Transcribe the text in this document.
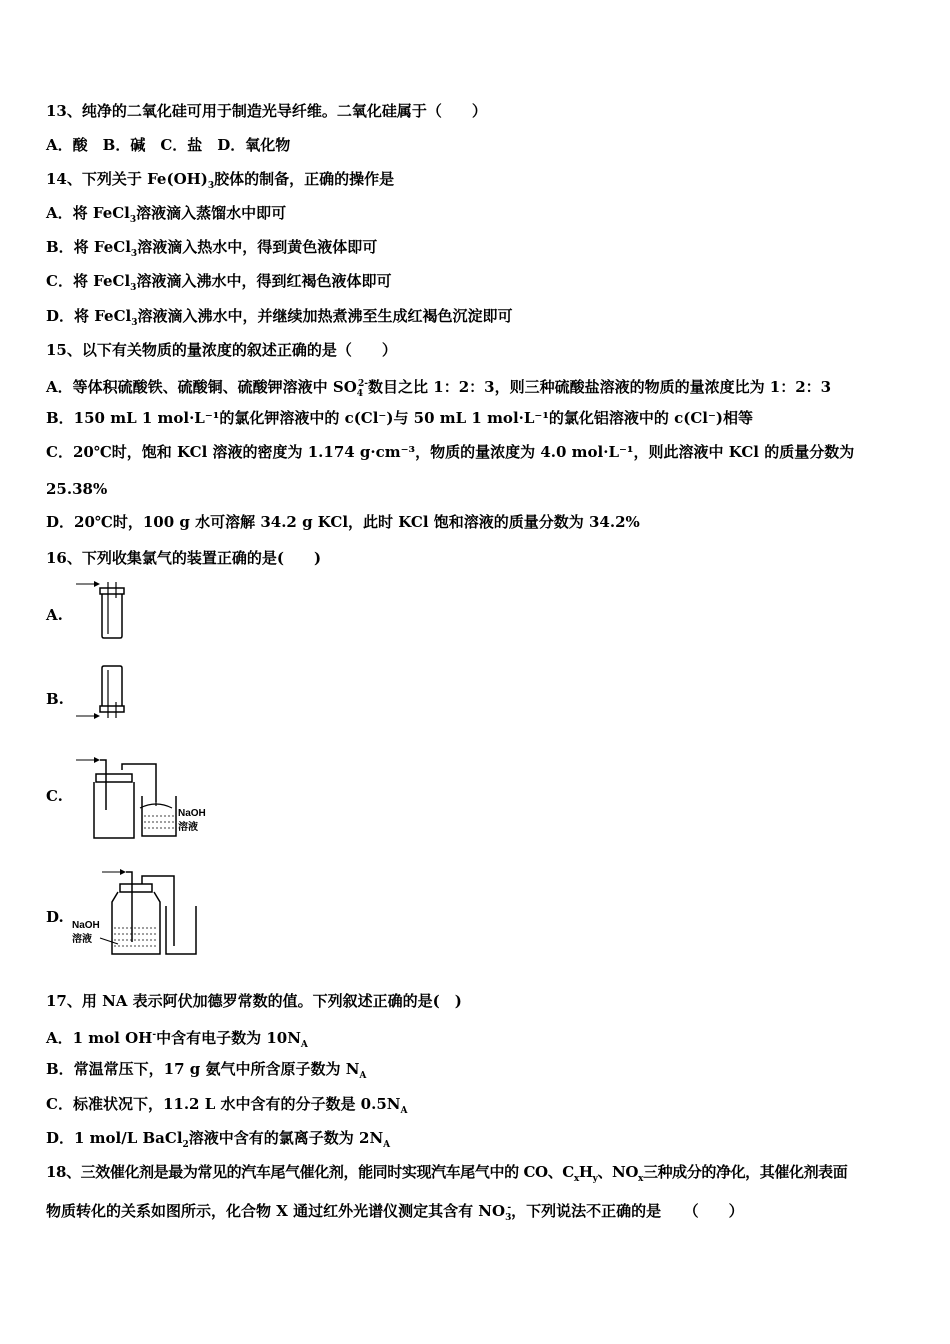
13、纯净的二氧化硅可用于制造光导纤维。二氧化硅属于（　　）
A．酸　B．碱　C．盐　D．氧化物
14、下列关于 $Fe(OH)_3$胶体的制备，正确的操作是
A．将 FeCl$_3$溶液滴入蒸馏水中即可
B．将 FeCl$_3$溶液滴入热水中，得到黄色液体即可
C．将 FeCl$_3$溶液滴入沸水中，得到红褐色液体即可
D．将 FeCl$_3$溶液滴入沸水中，并继续加热煮沸至生成红褐色沉淀即可
15、以下有关物质的量浓度的叙述正确的是（　　）
A．等体积硫酸铁、硫酸铜、硫酸钾溶液中 $SO_4^{2-}$数目之比 1：2：3，则三种硫酸盐溶液的物质的量浓度比为 1：2：3
B．150 mL 1 mol·L⁻¹的氯化钾溶液中的 c(Cl⁻)与 50 mL 1 mol·L⁻¹的氯化铝溶液中的 c(Cl⁻)相等
C．20℃时，饱和 KCl 溶液的密度为 1.174 g·cm⁻³，物质的量浓度为 4.0 mol·L⁻¹，则此溶液中 KCl 的质量分数为
25.38%
D．20℃时，100 g 水可溶解 34.2 g KCl，此时 KCl 饱和溶液的质量分数为 34.2%
16、下列收集氯气的装置正确的是(　　)
A.
B.
C.
NaOH
溶液
D. NaOH
溶液
17、用 NA 表示阿伏加德罗常数的值。下列叙述正确的是(　)
A．1 mol OH-中含有电子数为 $10N_A$
B．常温常压下，17 g 氨气中所含原子数为 $N_A$
C．标准状况下，11.2 L 水中含有的分子数是 $0.5N_A$
D．1 mol/L BaCl$_2$溶液中含有的氯离子数为 $2N_A$
18、三效催化剂是最为常见的汽车尾气催化剂，能同时实现汽车尾气中的 CO、$C_xH_y$、$NO_x$三种成分的净化，其催化剂表面
物质转化的关系如图所示，化合物 X 通过红外光谱仪测定其含有 $NO_3^-$，下列说法不正确的是　　（　　）
